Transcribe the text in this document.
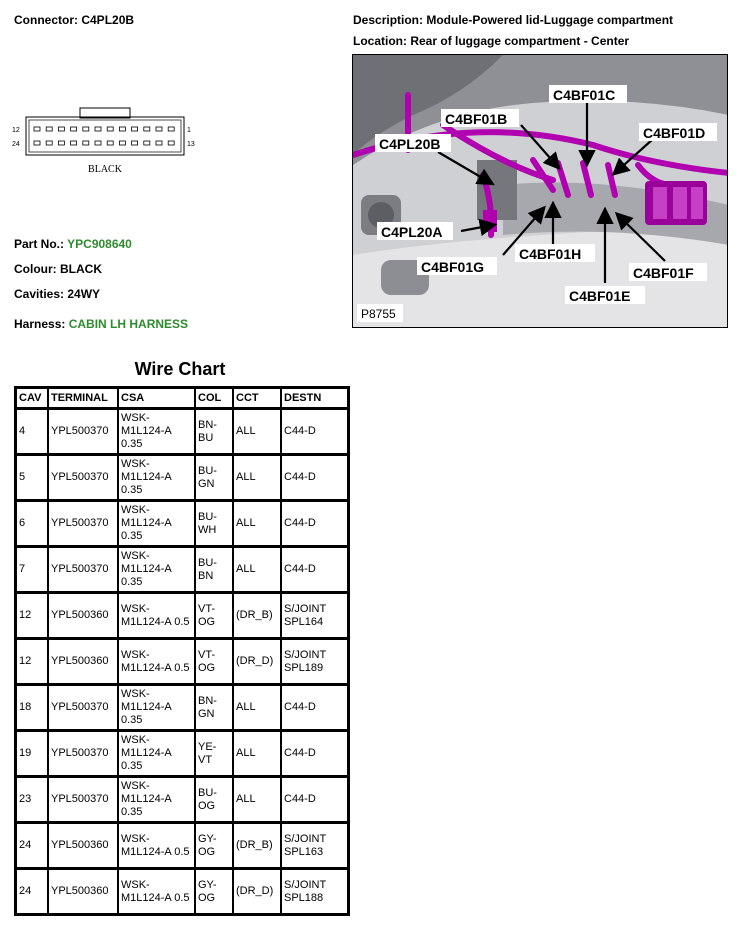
Connector: C4PL20B	Description: Module-Powered lid-Luggage compartment
Location: Rear of luggage compartment - Center
12	1
24	13
BLACK
C4BF01C
C4BF01B
C4BF01D
C4PL20B
C4PL20A
C4BF01H
C4BF01G	C4BF01F
C4BF01E
P8755
Part No.: YPC908640
Colour: BLACK
Cavities: 24WY
Harness: CABIN LH HARNESS
Wire Chart
CAV	TERMINAL	CSA	COL	CCT	DESTN
4	YPL500370	WSK-M1L124-A 0.35	BN-BU	ALL	C44-D
5	YPL500370	WSK-M1L124-A 0.35	BU-GN	ALL	C44-D
6	YPL500370	WSK-M1L124-A 0.35	BU-WH	ALL	C44-D
7	YPL500370	WSK-M1L124-A 0.35	BU-BN	ALL	C44-D
12	YPL500360	WSK-M1L124-A 0.5	VT-OG	(DR_B)	S/JOINT SPL164
12	YPL500360	WSK-M1L124-A 0.5	VT-OG	(DR_D)	S/JOINT SPL189
18	YPL500370	WSK-M1L124-A 0.35	BN-GN	ALL	C44-D
19	YPL500370	WSK-M1L124-A 0.35	YE-VT	ALL	C44-D
23	YPL500370	WSK-M1L124-A 0.35	BU-OG	ALL	C44-D
24	YPL500360	WSK-M1L124-A 0.5	GY-OG	(DR_B)	S/JOINT SPL163
24	YPL500360	WSK-M1L124-A 0.5	GY-OG	(DR_D)	S/JOINT SPL188
